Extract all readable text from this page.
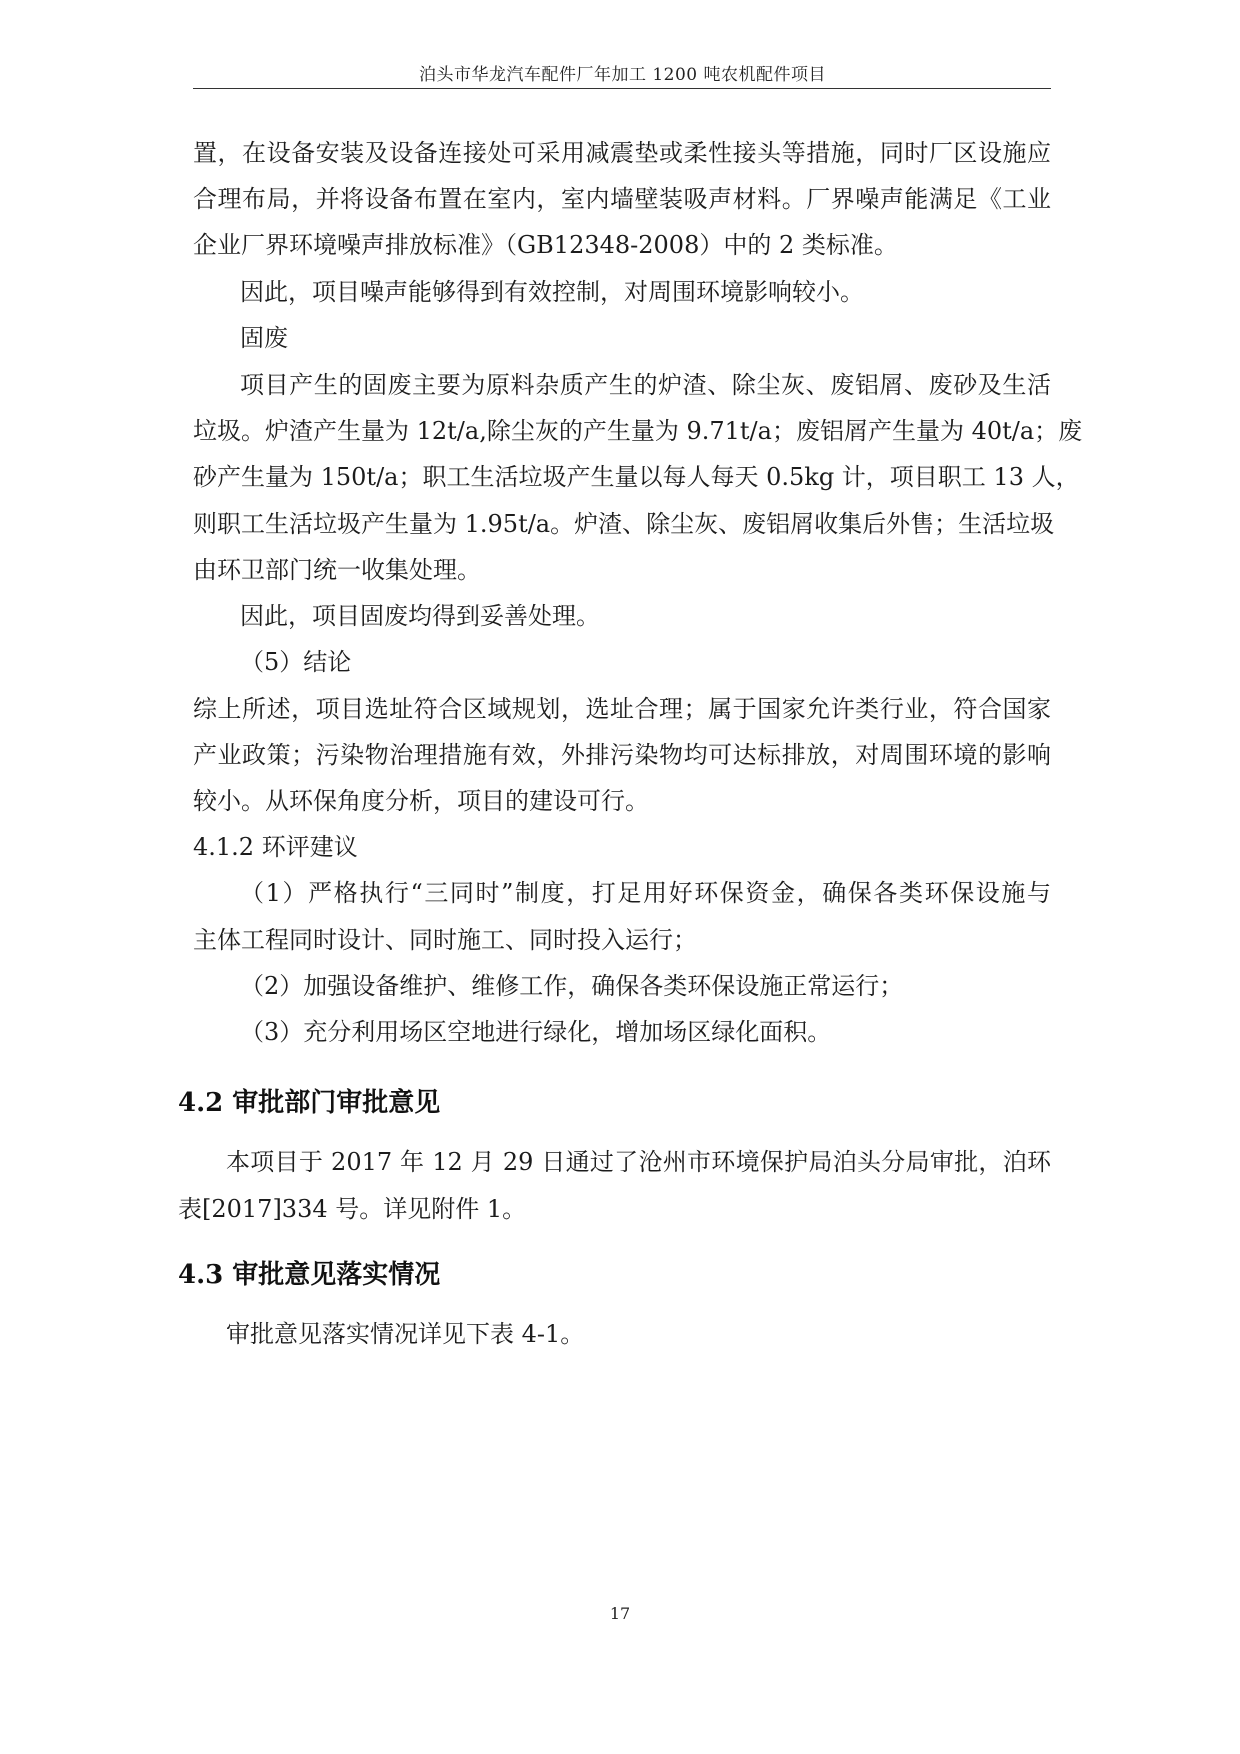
泊头市华龙汽车配件厂年加工 1200 吨农机配件项目
置，在设备安装及设备连接处可采用减震垫或柔性接头等措施，同时厂区设施应
合理布局，并将设备布置在室内，室内墙壁装吸声材料。厂界噪声能满足《工业
企业厂界环境噪声排放标准》（GB12348-2008）中的 2 类标准。
因此，项目噪声能够得到有效控制，对周围环境影响较小。
固废
项目产生的固废主要为原料杂质产生的炉渣、除尘灰、废铝屑、废砂及生活
垃圾。炉渣产生量为 12t/a,除尘灰的产生量为 9.71t/a；废铝屑产生量为 40t/a；废
砂产生量为 150t/a；职工生活垃圾产生量以每人每天 0.5kg 计，项目职工 13 人，
则职工生活垃圾产生量为 1.95t/a。炉渣、除尘灰、废铝屑收集后外售；生活垃圾
由环卫部门统一收集处理。
因此，项目固废均得到妥善处理。
（5）结论
综上所述，项目选址符合区域规划，选址合理；属于国家允许类行业，符合国家
产业政策；污染物治理措施有效，外排污染物均可达标排放，对周围环境的影响
较小。从环保角度分析，项目的建设可行。
4.1.2 环评建议
（1）严格执行“三同时”制度，打足用好环保资金，确保各类环保设施与
主体工程同时设计、同时施工、同时投入运行；
（2）加强设备维护、维修工作，确保各类环保设施正常运行；
（3）充分利用场区空地进行绿化，增加场区绿化面积。
4.2 审批部门审批意见
本项目于 2017 年 12 月 29 日通过了沧州市环境保护局泊头分局审批，泊环
表[2017]334 号。详见附件 1。
4.3 审批意见落实情况
审批意见落实情况详见下表 4-1。
17
